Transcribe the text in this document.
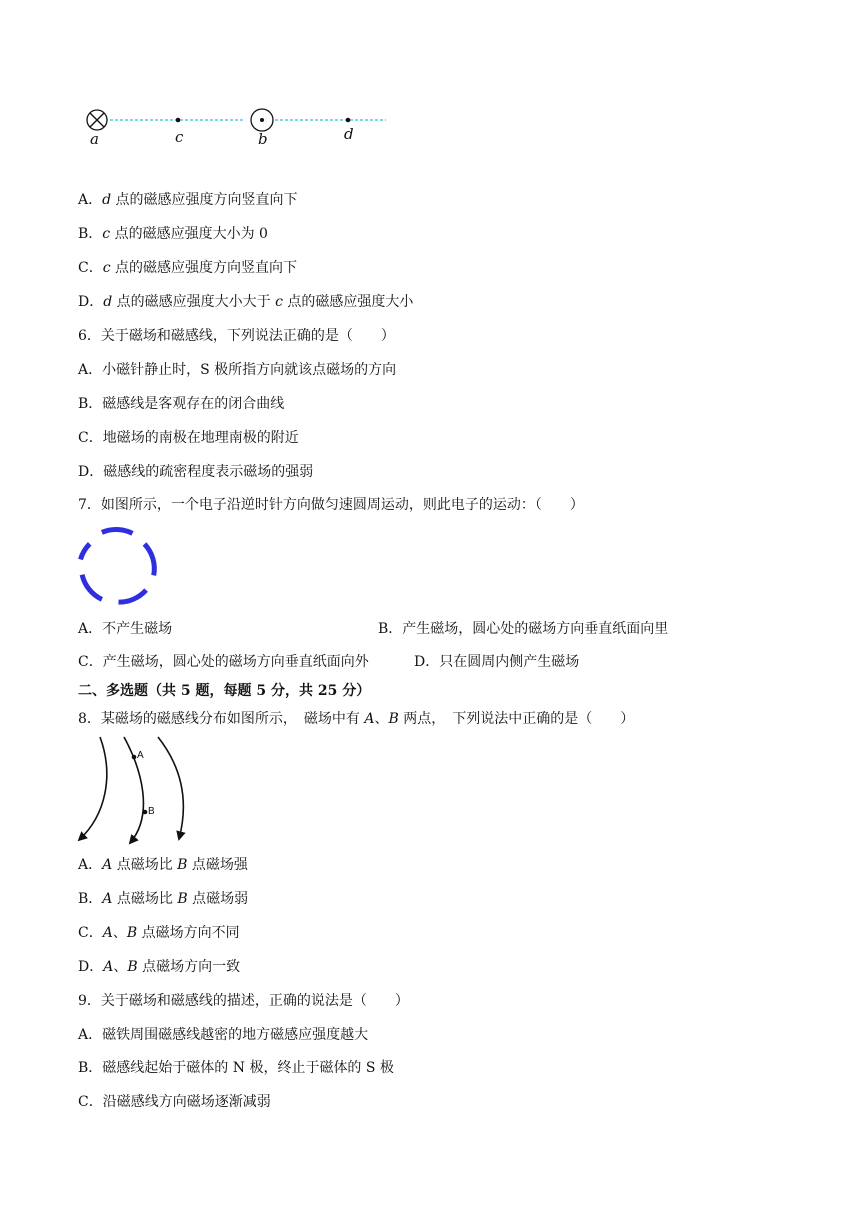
a	c	b	d
A．d 点的磁感应强度方向竖直向下
B．c 点的磁感应强度大小为 0
C．c 点的磁感应强度方向竖直向下
D．d 点的磁感应强度大小大于 c 点的磁感应强度大小
6．关于磁场和磁感线，下列说法正确的是（　　）
A．小磁针静止时，S 极所指方向就该点磁场的方向
B．磁感线是客观存在的闭合曲线
C．地磁场的南极在地理南极的附近
D．磁感线的疏密程度表示磁场的强弱
7．如图所示，一个电子沿逆时针方向做匀速圆周运动，则此电子的运动：（　　）
A．不产生磁场	B．产生磁场，圆心处的磁场方向垂直纸面向里
C．产生磁场，圆心处的磁场方向垂直纸面向外	D．只在圆周内侧产生磁场
二、多选题（共 5 题，每题 5 分，共 25 分）
8．某磁场的磁感线分布如图所示，　磁场中有 A、B 两点，　下列说法中正确的是（　　）
A
B
A．A 点磁场比 B 点磁场强
B．A 点磁场比 B 点磁场弱
C．A、B 点磁场方向不同
D．A、B 点磁场方向一致
9．关于磁场和磁感线的描述，正确的说法是（　　）
A．磁铁周围磁感线越密的地方磁感应强度越大
B．磁感线起始于磁体的 N 极，终止于磁体的 S 极
C．沿磁感线方向磁场逐渐减弱
